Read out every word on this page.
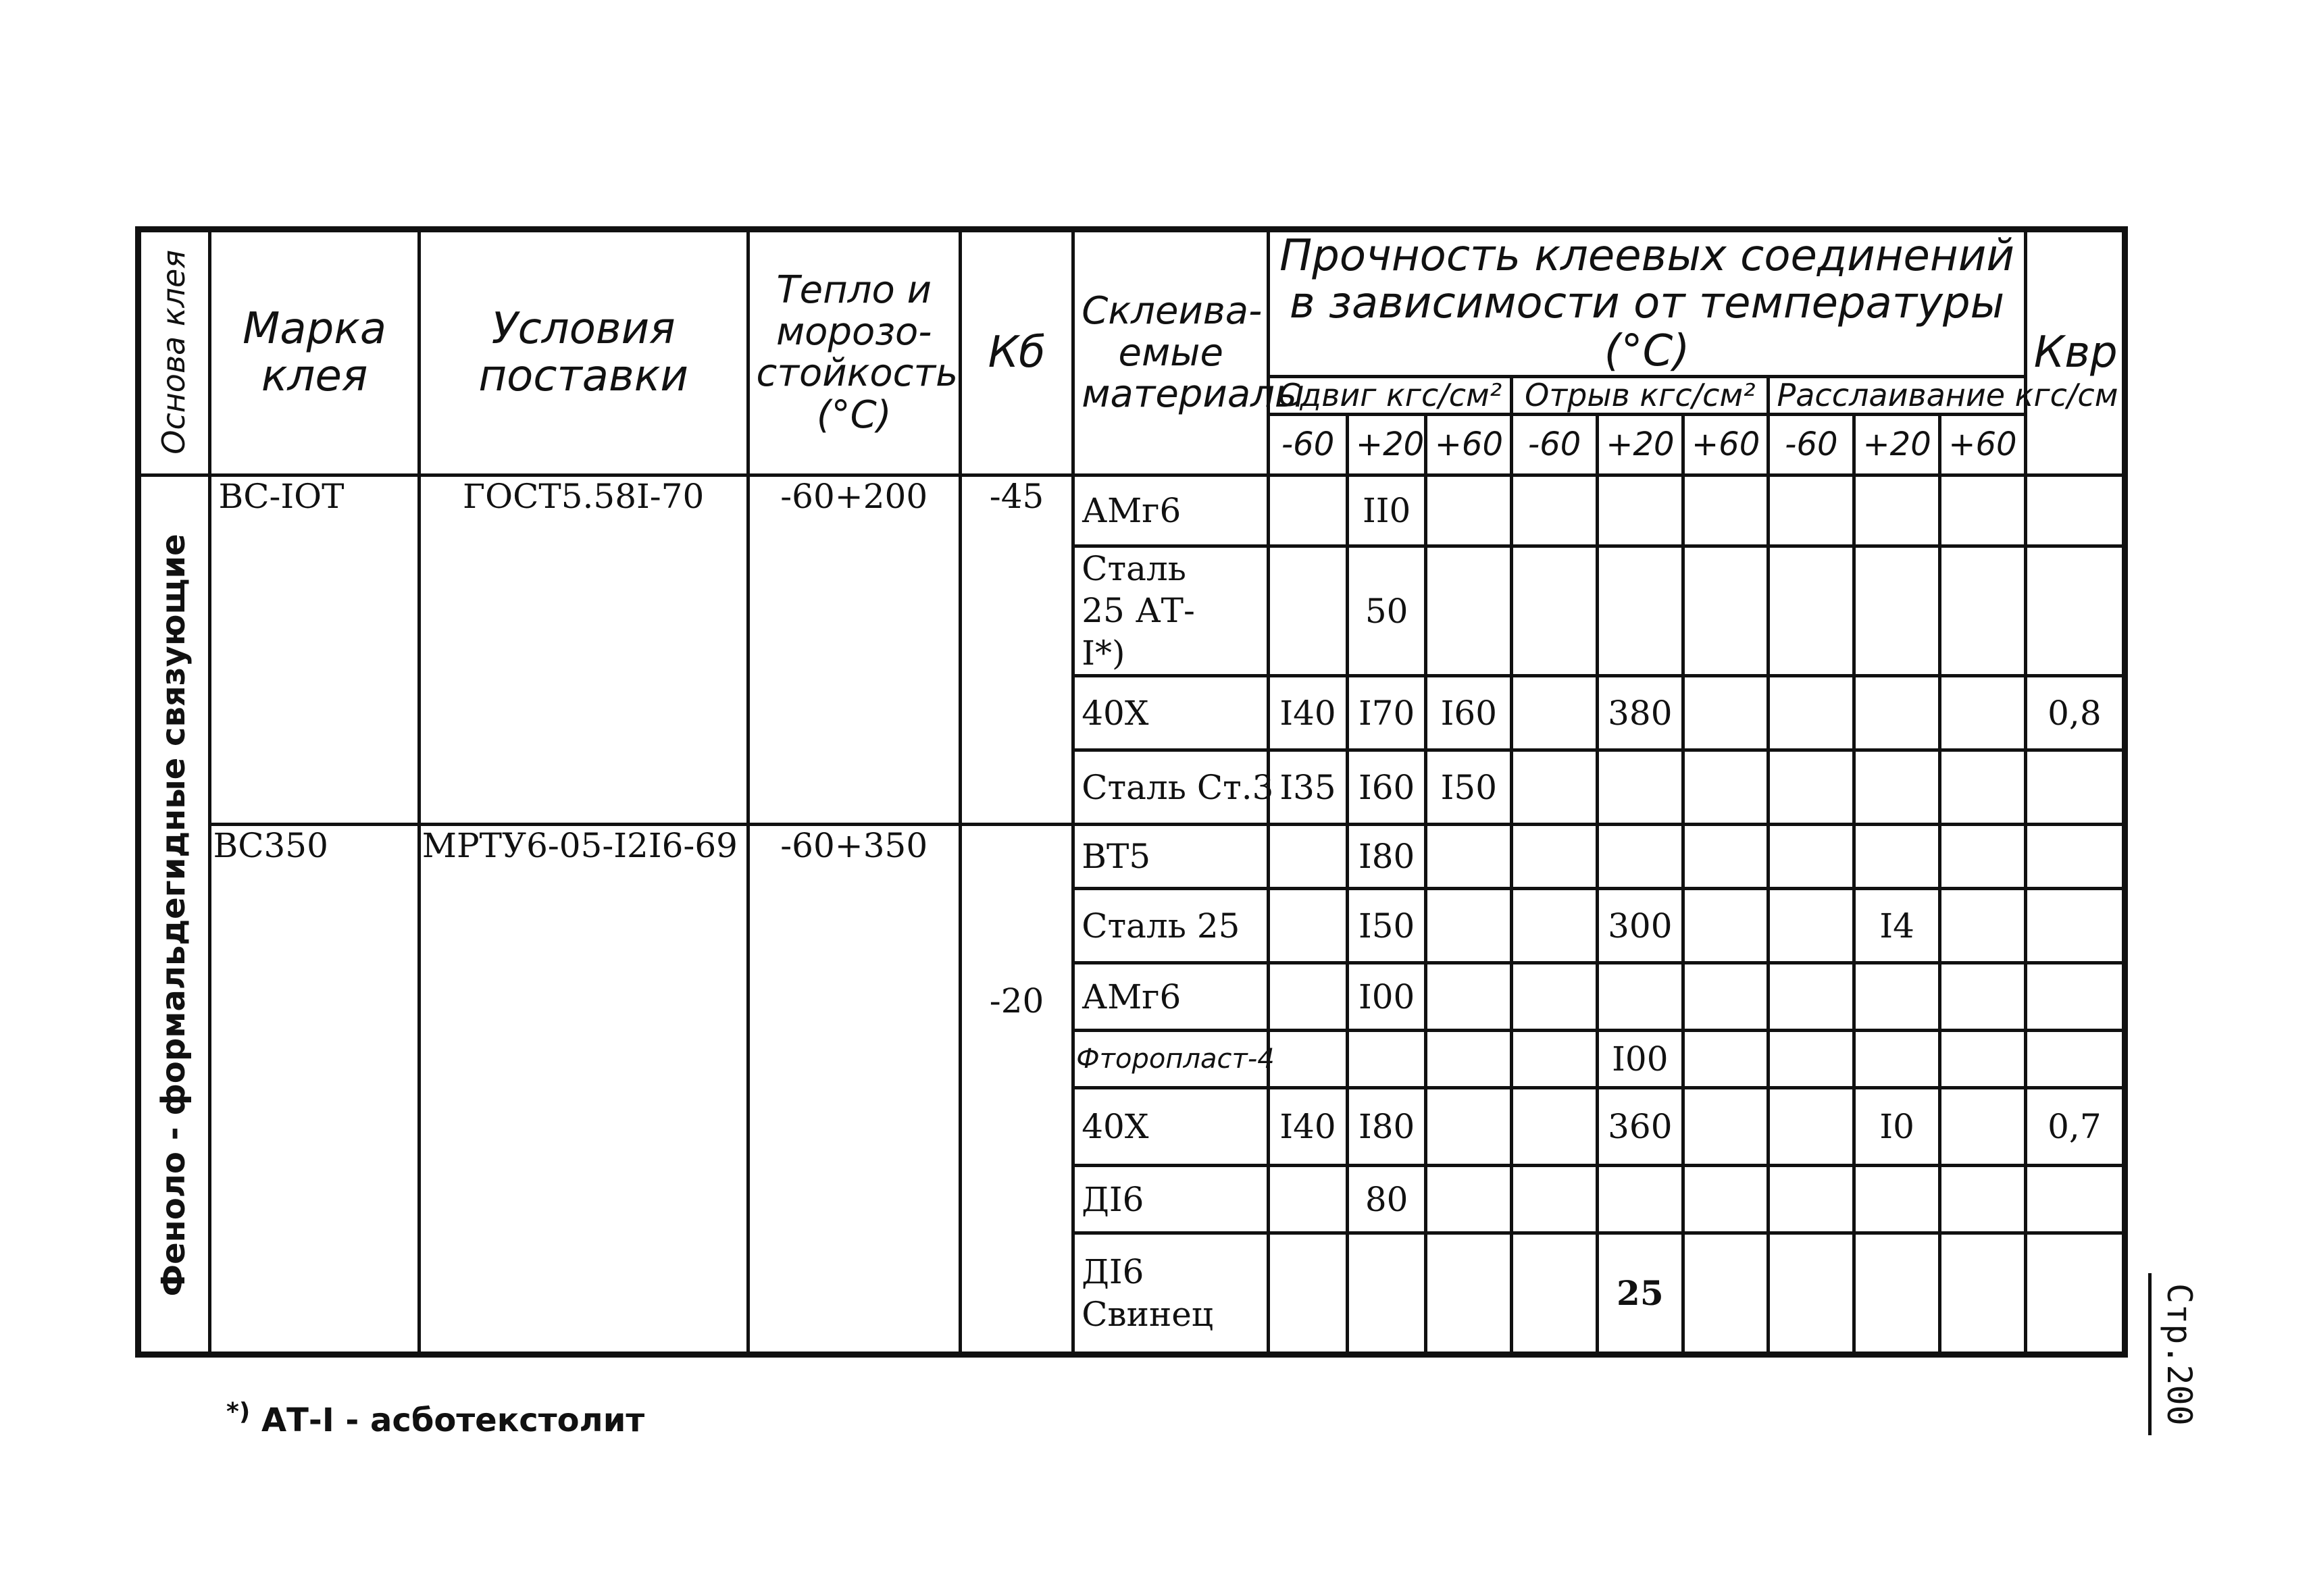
Основа клея	Марка клея	Условия поставки	Тепло и морозо-стойкость (°С)	Кб	Склеива-емые материалы	Прочность клеевых соединений в зависимости от температуры (°С)									Квр
						Сдвиг кгс/см²			Отрыв кгс/см²			Расслаивание кгс/см			
						-60	+20	+60	-60	+20	+60	-60	+20	+60	
Феноло - формальдегидные связующие	ВС-IOТ	ГОСТ5.58I-70	-60+200	-45	АМг6		II0								
					Сталь 25 АТ-I*)		50								
					40Х	I40	I70	I60		380					0,8
					Сталь Ст.3	I35	I60	I50							
	ВС350	МРТУ6-05-I2I6-69	-60+350	-20	ВТ5		I80								
					Сталь 25		I50			300			I4		
					АМг6		I00								
					Фторопласт-4					I00					
					40Х	I40	I80			360			I0		0,7
					ДI6		80								
					ДI6 Свинец					25					
*) АТ-I - асботекстолит	Стр.200
